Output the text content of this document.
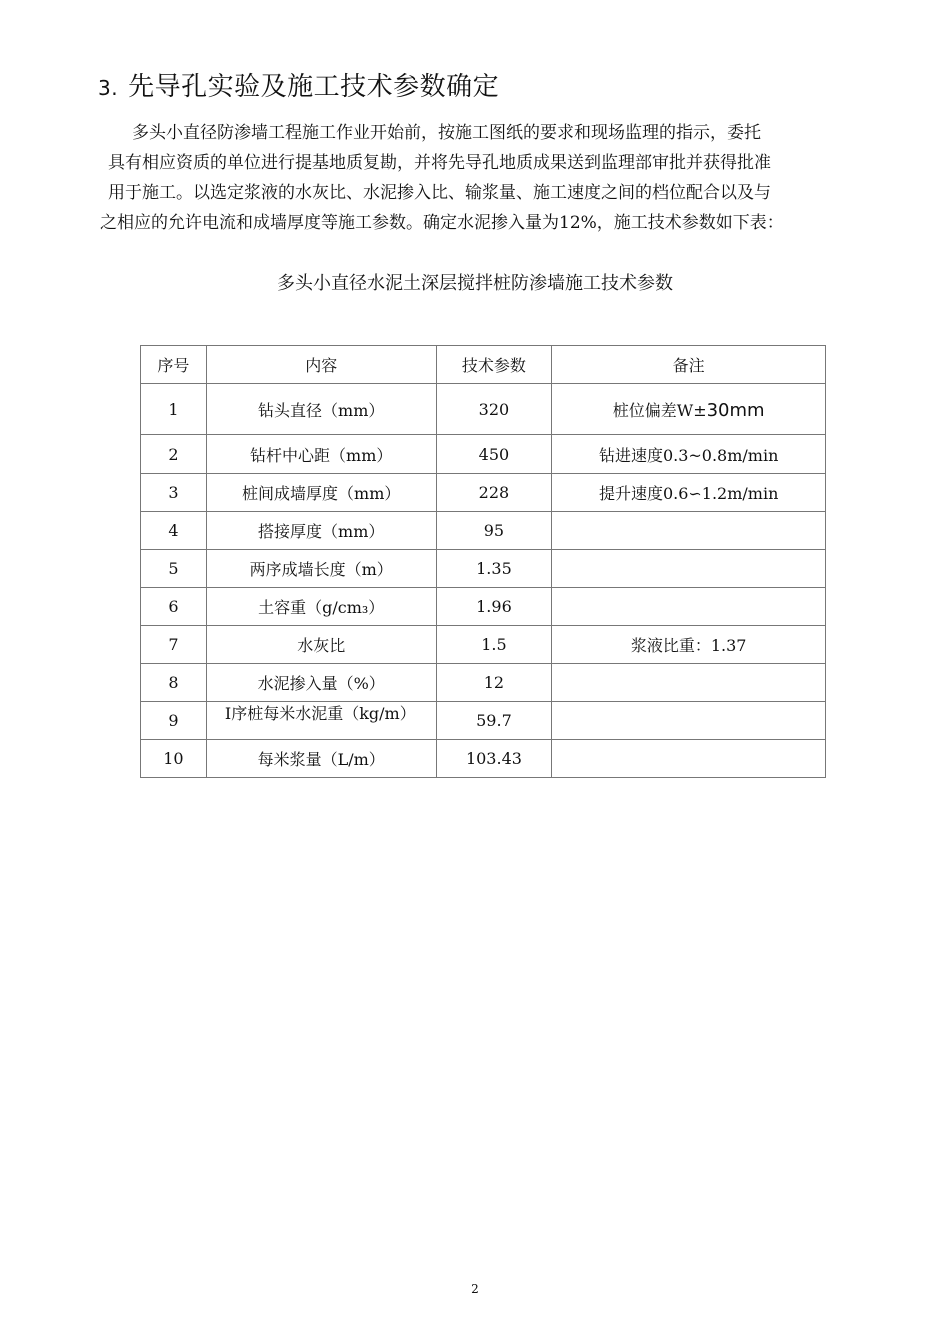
3. 先导孔实验及施工技术参数确定
多头小直径防渗墙工程施工作业开始前，按施工图纸的要求和现场监理的指示，委托
具有相应资质的单位进行提基地质复勘，并将先导孔地质成果送到监理部审批并获得批准
用于施工。以选定浆液的水灰比、水泥掺入比、输浆量、施工速度之间的档位配合以及与
之相应的允许电流和成墙厚度等施工参数。确定水泥掺入量为12%，施工技术参数如下表：
多头小直径水泥土深层搅拌桩防渗墙施工技术参数
序号	内容	技术参数	备注
1	钻头直径（mm）	320	桩位偏差W±30mm
2	钻杆中心距（mm）	450	钻进速度0.3~0.8m/min
3	桩间成墙厚度（mm）	228	提升速度0.6∽1.2m/min
4	搭接厚度（mm）	95	
5	两序成墙长度（m）	1.35	
6	土容重（g/cm₃）	1.96	
7	水灰比	1.5	浆液比重：1.37
8	水泥掺入量（%）	12	
9	Ⅰ序桩每米水泥重（kg/m）	59.7	
10	每米浆量（L/m）	103.43	
2
